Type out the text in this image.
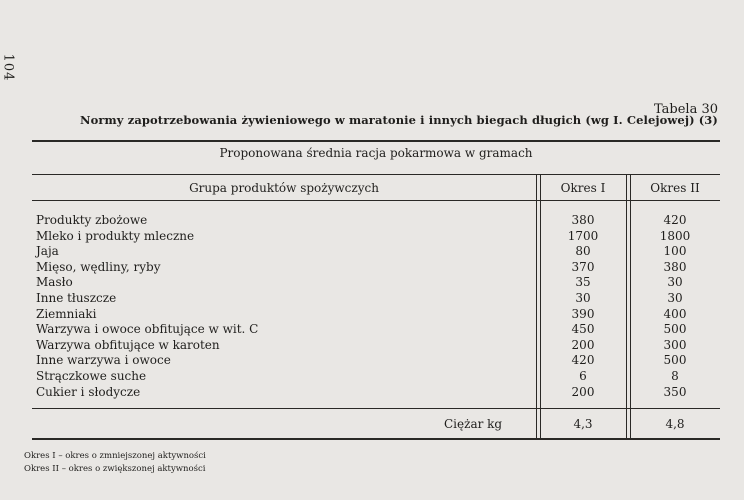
104
Tabela 30
Normy zapotrzebowania żywieniowego w maratonie i innych biegach długich (wg I. Celejowej) (3)
Proponowana średnia racja pokarmowa w gramach
Grupa produktów spożywczych	Okres I	Okres II
Produkty zbożowe	380	420
Mleko i produkty mleczne	1700	1800
Jaja	80	100
Mięso, wędliny, ryby	370	380
Masło	35	30
Inne tłuszcze	30	30
Ziemniaki	390	400
Warzywa i owoce obfitujące w wit. C	450	500
Warzywa obfitujące w karoten	200	300
Inne warzywa i owoce	420	500
Strączkowe suche	6	8
Cukier i słodycze	200	350
Ciężar kg	4,3	4,8
Okres I – okres o zmniejszonej aktywności
Okres II – okres o zwiększonej aktywności
